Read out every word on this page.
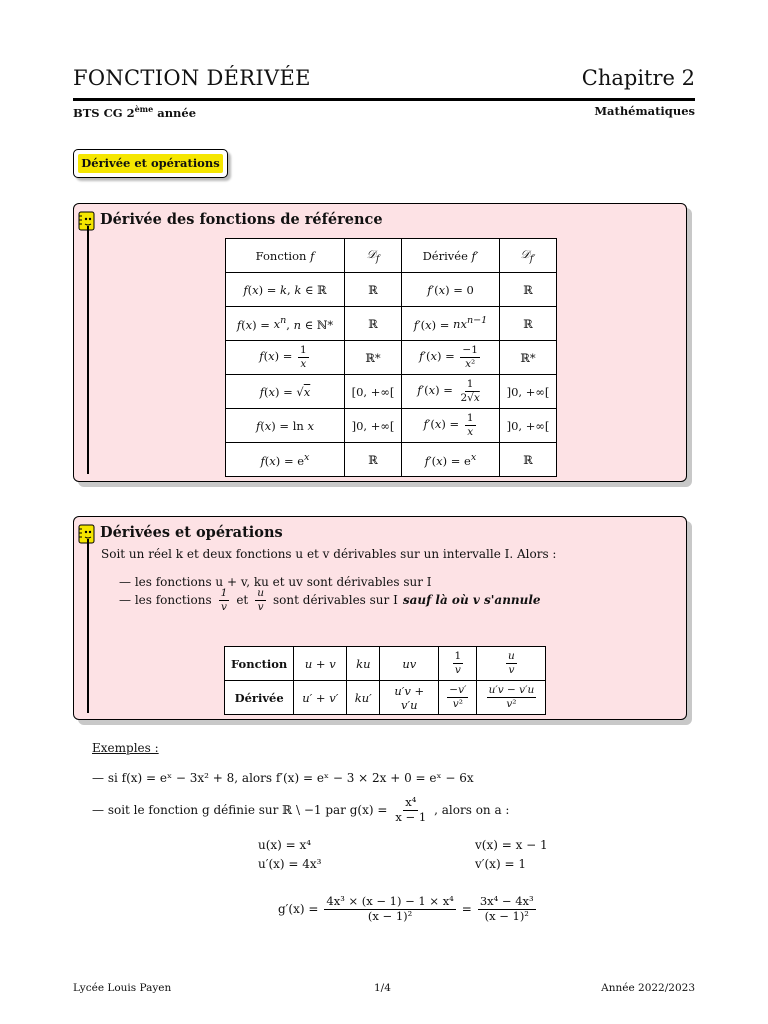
FONCTION DÉRIVÉE	Chapitre 2
BTS CG 2ème année	Mathématiques
Dérivée et opérations
Dérivée des fonctions de référence
Fonction f	𝒟$_f$	Dérivée f′	𝒟$_{f'}$
f(x) = k, k ∈ ℝ	ℝ	f′(x) = 0	ℝ
$f(x) = x^n$, n ∈ ℕ*	ℝ	$f'(x) = nx^{n-1}$	ℝ
$f(x) = \frac{1}{x}$	ℝ*	$f'(x) = \frac{-1}{\text{x²}}$	ℝ*
f(x) = √x	[0, +∞[	$f'(x) = \frac{1}{2√x}$	]0, +∞[
f(x) = ln x	]0, +∞[	$f'(x) = \frac{1}{x}$	]0, +∞[
$f(x) = e^x$	ℝ	$f'(x) = e^x$	ℝ
Dérivées et opérations
Soit un réel k et deux fonctions u et v dérivables sur un intervalle I. Alors :
— les fonctions u + v, ku et uv sont dérivables sur I
— les fonctions $\frac{1}{v}$ et $\frac{u}{v}$ sont dérivables sur I sauf là où v s'annule
Fonction	u + v	ku	uv	$\frac{1}{v}$	$\frac{u}{v}$

Dérivée	u′ + v′	ku′	u′v + v′u	$\frac{-v'}{\text{v²}}$	$\frac{u'v - v'u}{\text{v²}}$
Exemples :
— si f(x) = eˣ − 3x² + 8, alors f′(x) = eˣ − 3 × 2x + 0 = eˣ − 6x
— soit le fonction g définie sur ℝ \ −1 par $g(x) = \frac{\text{x⁴}}{x - 1}$ , alors on a :
u(x) = x⁴
u′(x) = 4x³
v(x) = x − 1
v′(x) = 1
$g'(x) = \frac{\text{4x³ × (x − 1) − 1 × x⁴}}{\text{(x − 1)²}} = \frac{\text{3x⁴ − 4x³}}{\text{(x − 1)²}}$
Lycée Louis Payen	1/4	Année 2022/2023
